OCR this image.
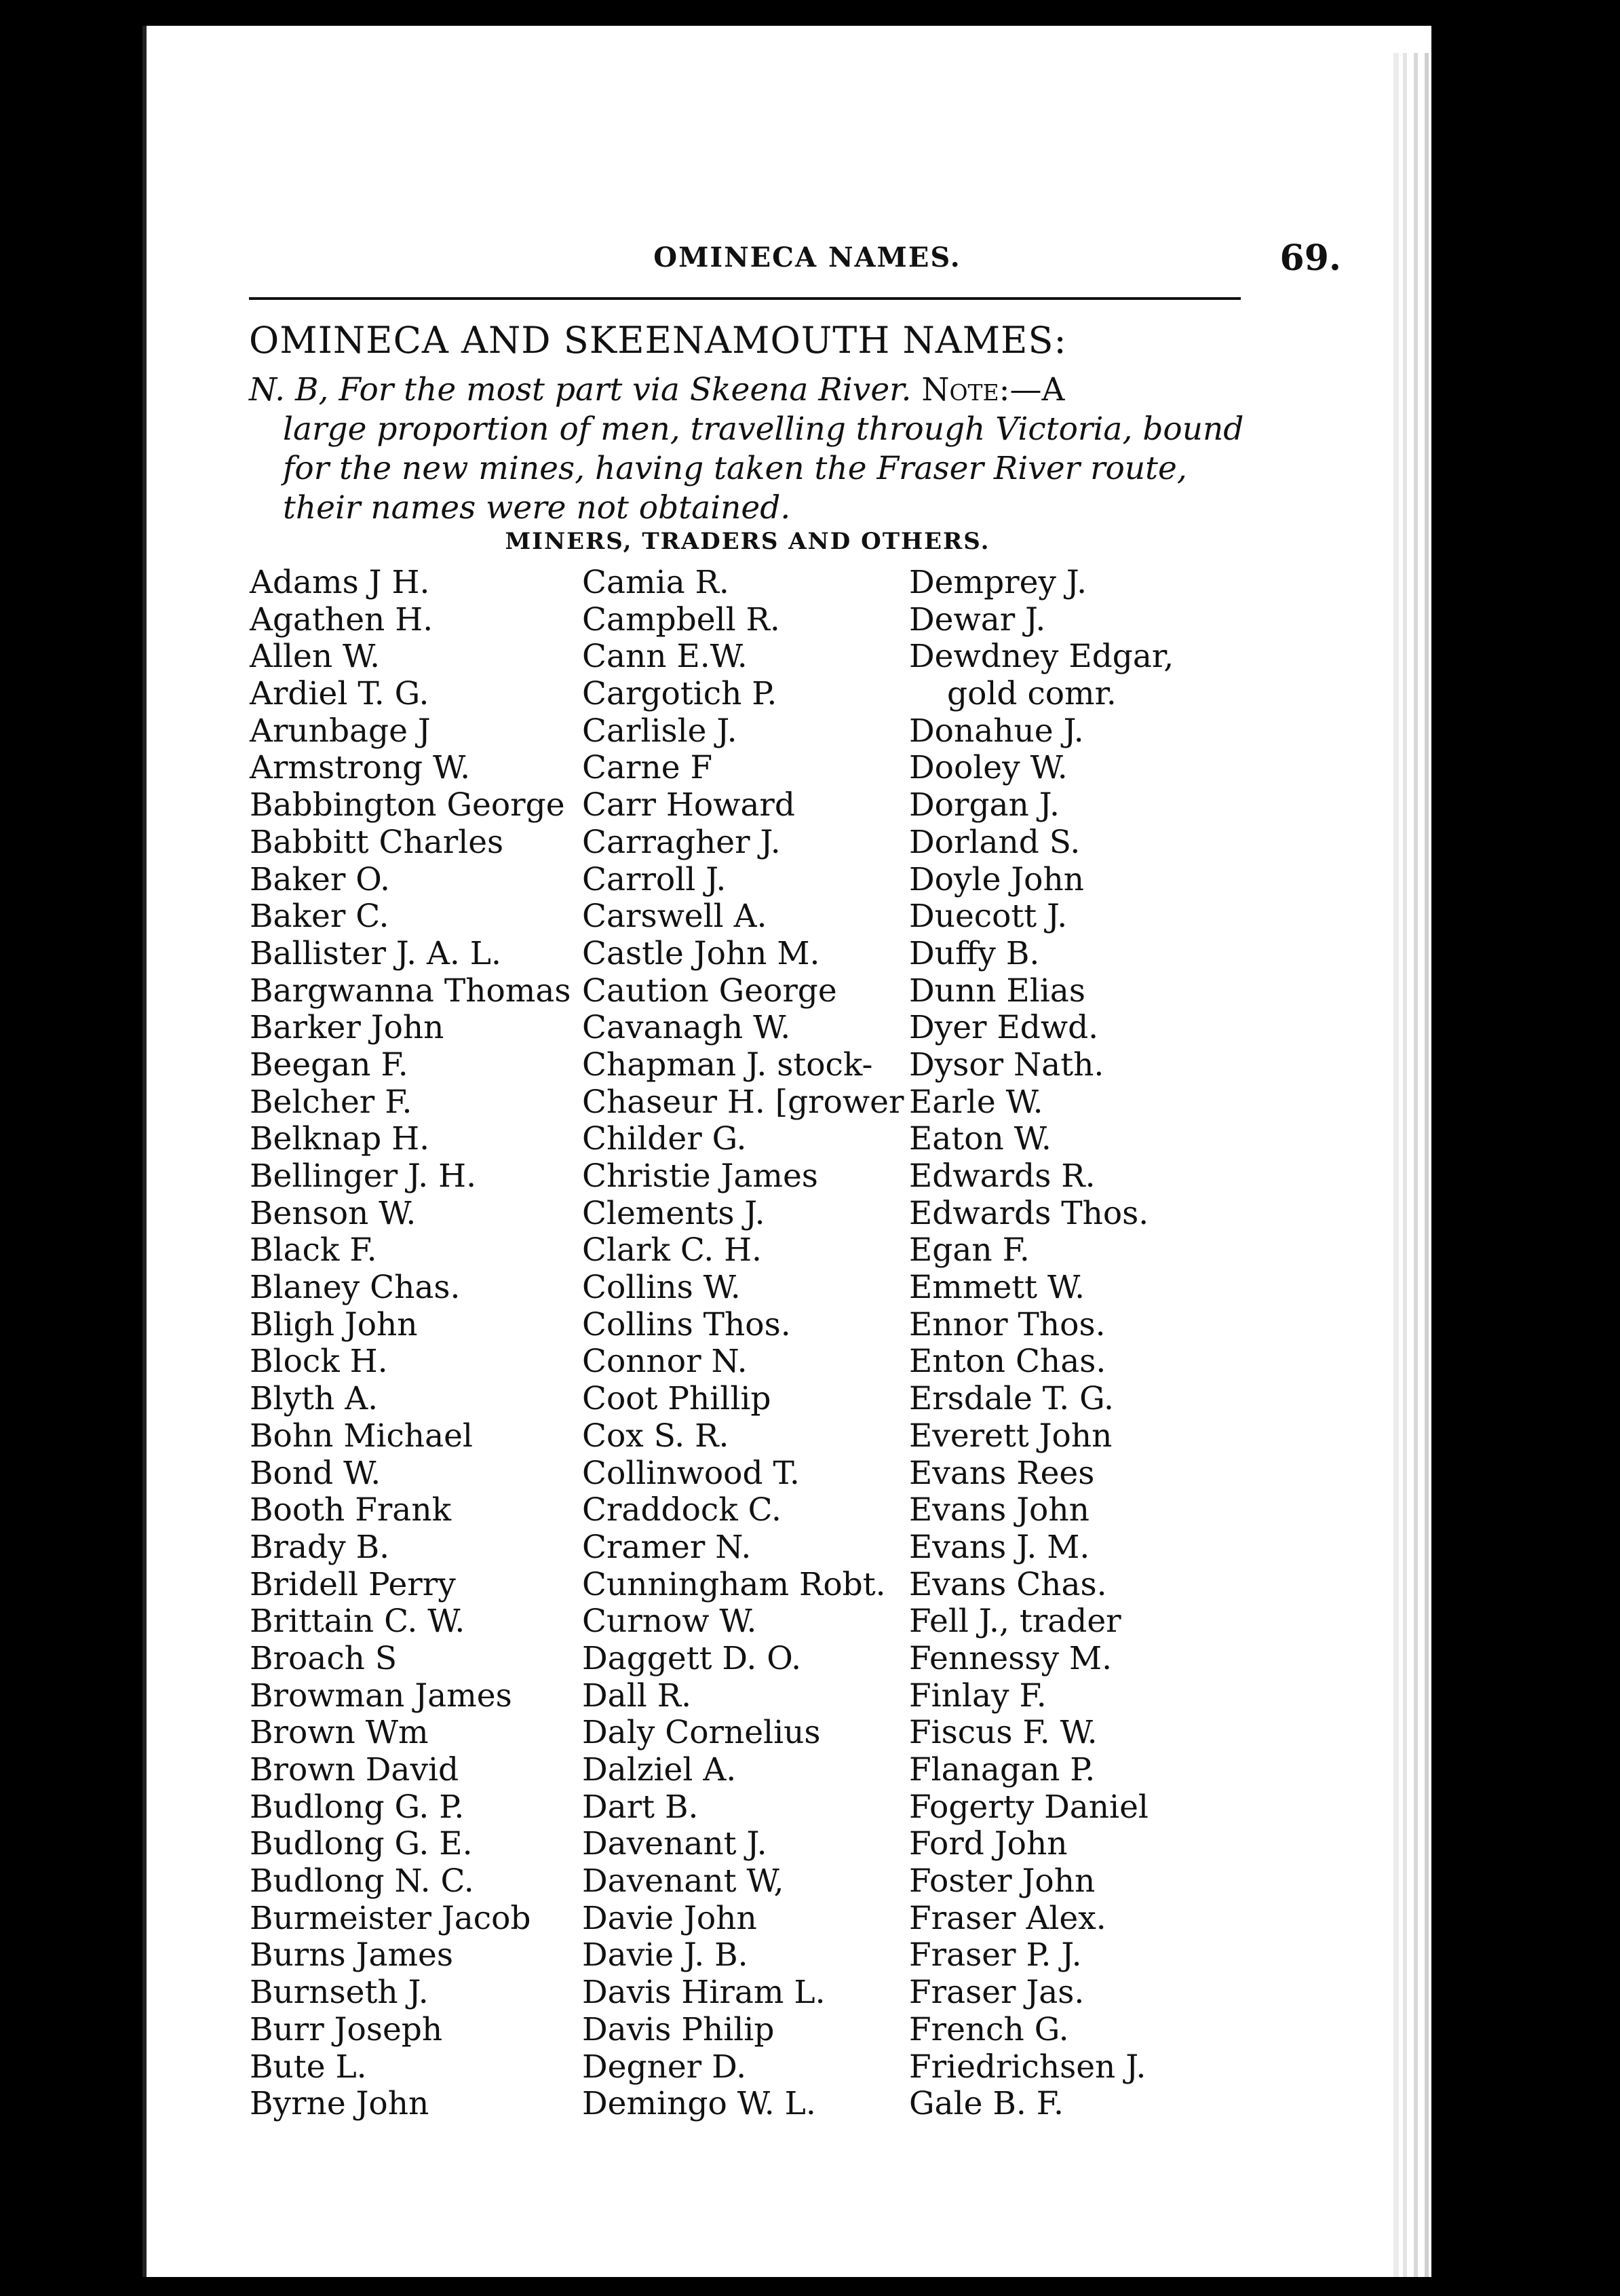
OMINECA NAMES.	69.
OMINECA AND SKEENAMOUTH NAMES:
N. B, For the most part via Skeena River. Note:—A
large proportion of men, travelling through Victoria, bound for the new mines, having taken the Fraser River route, their names were not obtained.
MINERS, TRADERS AND OTHERS.
Adams J H.
Agathen H.
Allen W.
Ardiel T. G.
Arunbage J
Armstrong W.
Babbington George
Babbitt Charles
Baker O.
Baker C.
Ballister J. A. L.
Bargwanna Thomas
Barker John
Beegan F.
Belcher F.
Belknap H.
Bellinger J. H.
Benson W.
Black F.
Blaney Chas.
Bligh John
Block H.
Blyth A.
Bohn Michael
Bond W.
Booth Frank
Brady B.
Bridell Perry
Brittain C. W.
Broach S
Browman James
Brown Wm
Brown David
Budlong G. P.
Budlong G. E.
Budlong N. C.
Burmeister Jacob
Burns James
Burnseth J.
Burr Joseph
Bute L.
Byrne John
Camia R.
Campbell R.
Cann E.W.
Cargotich P.
Carlisle J.
Carne F
Carr Howard
Carragher J.
Carroll J.
Carswell A.
Castle John M.
Caution George
Cavanagh W.
Chapman J. stock-
Chaseur H. [grower
Childer G.
Christie James
Clements J.
Clark C. H.
Collins W.
Collins Thos.
Connor N.
Coot Phillip
Cox S. R.
Collinwood T.
Craddock C.
Cramer N.
Cunningham Robt.
Curnow W.
Daggett D. O.
Dall R.
Daly Cornelius
Dalziel A.
Dart B.
Davenant J.
Davenant W,
Davie John
Davie J. B.
Davis Hiram L.
Davis Philip
Degner D.
Demingo W. L.
Demprey J.
Dewar J.
Dewdney Edgar,
gold comr.
Donahue J.
Dooley W.
Dorgan J.
Dorland S.
Doyle John
Duecott J.
Duffy B.
Dunn Elias
Dyer Edwd.
Dysor Nath.
Earle W.
Eaton W.
Edwards R.
Edwards Thos.
Egan F.
Emmett W.
Ennor Thos.
Enton Chas.
Ersdale T. G.
Everett John
Evans Rees
Evans John
Evans J. M.
Evans Chas.
Fell J., trader
Fennessy M.
Finlay F.
Fiscus F. W.
Flanagan P.
Fogerty Daniel
Ford John
Foster John
Fraser Alex.
Fraser P. J.
Fraser Jas.
French G.
Friedrichsen J.
Gale B. F.
